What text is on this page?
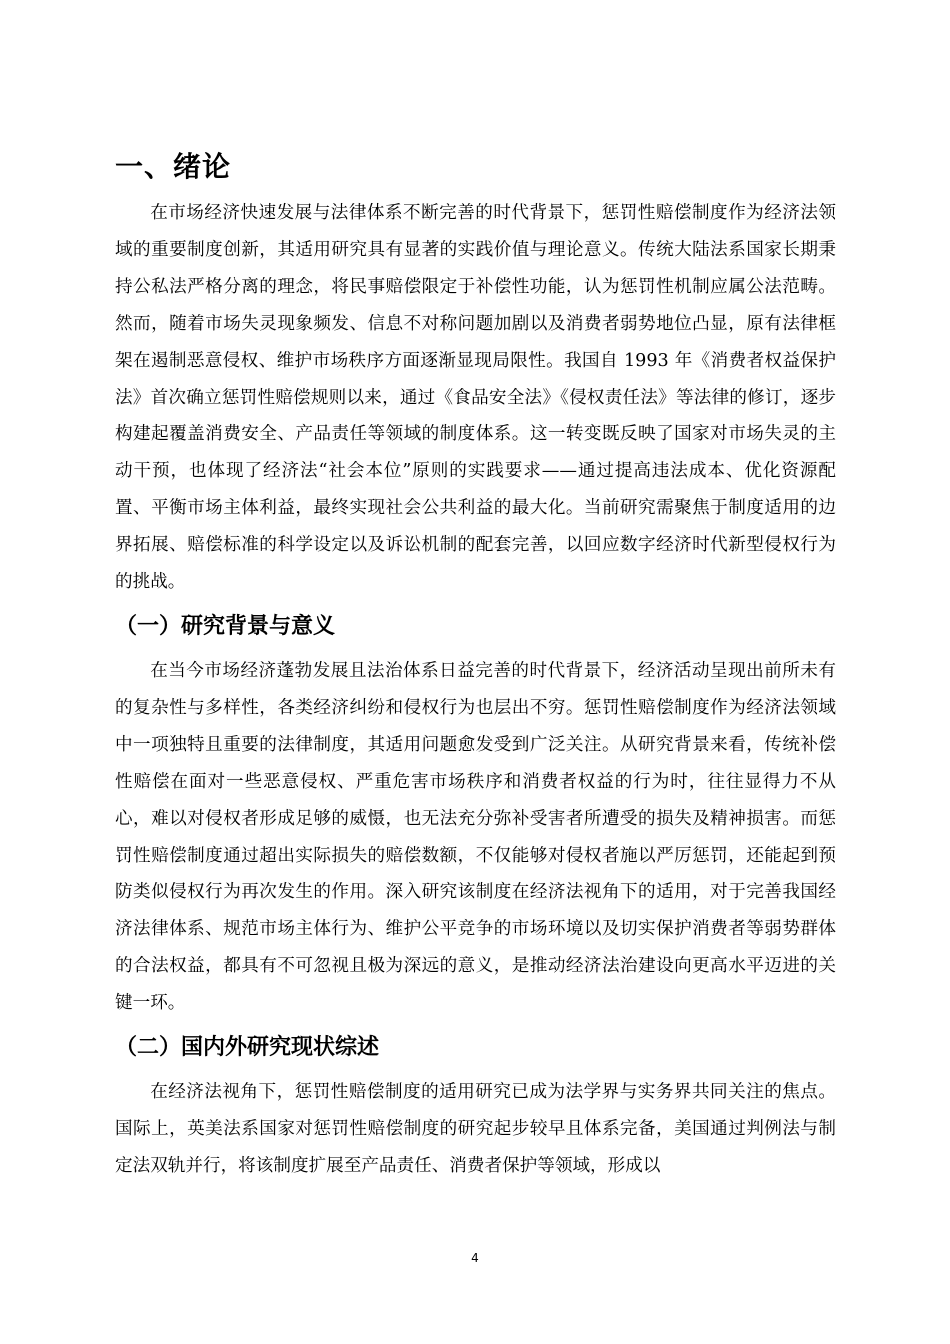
一、绪论

在市场经济快速发展与法律体系不断完善的时代背景下，惩罚性赔偿制度作为经济法领域的重要制度创新，其适用研究具有显著的实践价值与理论意义。传统大陆法系国家长期秉持公私法严格分离的理念，将民事赔偿限定于补偿性功能，认为惩罚性机制应属公法范畴。然而，随着市场失灵现象频发、信息不对称问题加剧以及消费者弱势地位凸显，原有法律框架在遏制恶意侵权、维护市场秩序方面逐渐显现局限性。我国自 1993 年《消费者权益保护法》首次确立惩罚性赔偿规则以来，通过《食品安全法》《侵权责任法》等法律的修订，逐步构建起覆盖消费安全、产品责任等领域的制度体系。这一转变既反映了国家对市场失灵的主动干预，也体现了经济法“社会本位”原则的实践要求——通过提高违法成本、优化资源配置、平衡市场主体利益，最终实现社会公共利益的最大化。当前研究需聚焦于制度适用的边界拓展、赔偿标准的科学设定以及诉讼机制的配套完善，以回应数字经济时代新型侵权行为的挑战。

（一）研究背景与意义

在当今市场经济蓬勃发展且法治体系日益完善的时代背景下，经济活动呈现出前所未有的复杂性与多样性，各类经济纠纷和侵权行为也层出不穷。惩罚性赔偿制度作为经济法领域中一项独特且重要的法律制度，其适用问题愈发受到广泛关注。从研究背景来看，传统补偿性赔偿在面对一些恶意侵权、严重危害市场秩序和消费者权益的行为时，往往显得力不从心，难以对侵权者形成足够的威慑，也无法充分弥补受害者所遭受的损失及精神损害。而惩罚性赔偿制度通过超出实际损失的赔偿数额，不仅能够对侵权者施以严厉惩罚，还能起到预防类似侵权行为再次发生的作用。深入研究该制度在经济法视角下的适用，对于完善我国经济法律体系、规范市场主体行为、维护公平竞争的市场环境以及切实保护消费者等弱势群体的合法权益，都具有不可忽视且极为深远的意义，是推动经济法治建设向更高水平迈进的关键一环。

（二）国内外研究现状综述

在经济法视角下，惩罚性赔偿制度的适用研究已成为法学界与实务界共同关注的焦点。国际上，英美法系国家对惩罚性赔偿制度的研究起步较早且体系完备，美国通过判例法与制定法双轨并行，将该制度扩展至产品责任、消费者保护等领域，形成以

4
